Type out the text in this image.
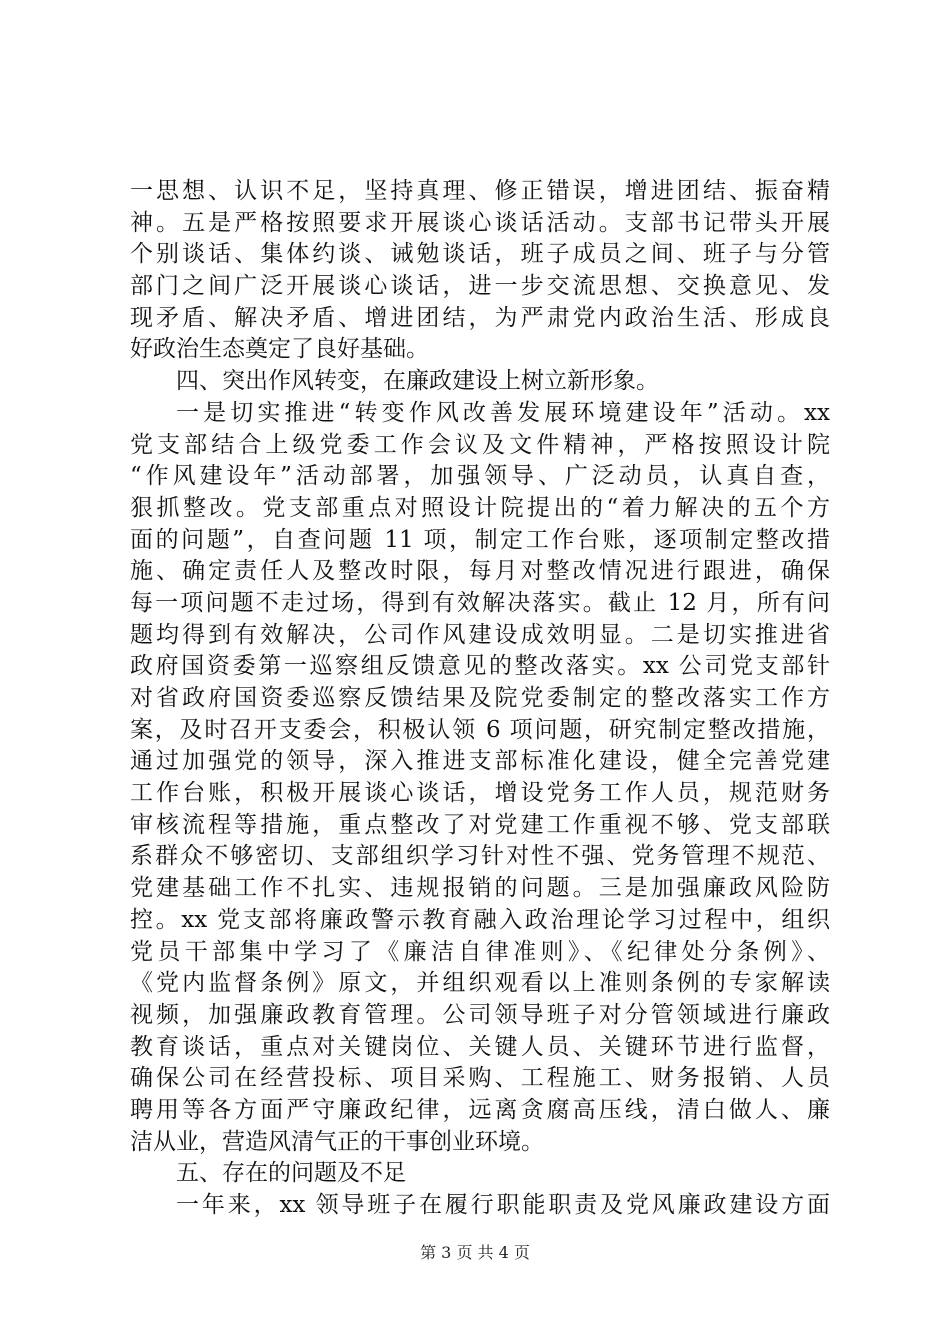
一思想、认识不足，坚持真理、修正错误，增进团结、振奋精
神。五是严格按照要求开展谈心谈话活动。支部书记带头开展
个别谈话、集体约谈、诫勉谈话，班子成员之间、班子与分管
部门之间广泛开展谈心谈话，进一步交流思想、交换意见、发
现矛盾、解决矛盾、增进团结，为严肃党内政治生活、形成良
好政治生态奠定了良好基础。
四、突出作风转变，在廉政建设上树立新形象。
一是切实推进“转变作风改善发展环境建设年”活动。xx
党支部结合上级党委工作会议及文件精神，严格按照设计院
“作风建设年”活动部署，加强领导、广泛动员，认真自查，
狠抓整改。党支部重点对照设计院提出的“着力解决的五个方
面的问题”，自查问题 11 项，制定工作台账，逐项制定整改措
施、确定责任人及整改时限，每月对整改情况进行跟进，确保
每一项问题不走过场，得到有效解决落实。截止 12 月，所有问
题均得到有效解决，公司作风建设成效明显。二是切实推进省
政府国资委第一巡察组反馈意见的整改落实。xx 公司党支部针
对省政府国资委巡察反馈结果及院党委制定的整改落实工作方
案，及时召开支委会，积极认领 6 项问题，研究制定整改措施，
通过加强党的领导，深入推进支部标准化建设，健全完善党建
工作台账，积极开展谈心谈话，增设党务工作人员，规范财务
审核流程等措施，重点整改了对党建工作重视不够、党支部联
系群众不够密切、支部组织学习针对性不强、党务管理不规范、
党建基础工作不扎实、违规报销的问题。三是加强廉政风险防
控。xx 党支部将廉政警示教育融入政治理论学习过程中，组织
党员干部集中学习了《廉洁自律准则》、《纪律处分条例》、
《党内监督条例》原文，并组织观看以上准则条例的专家解读
视频，加强廉政教育管理。公司领导班子对分管领域进行廉政
教育谈话，重点对关键岗位、关键人员、关键环节进行监督，
确保公司在经营投标、项目采购、工程施工、财务报销、人员
聘用等各方面严守廉政纪律，远离贪腐高压线，清白做人、廉
洁从业，营造风清气正的干事创业环境。
五、存在的问题及不足
一年来，xx 领导班子在履行职能职责及党风廉政建设方面
第 3 页 共 4 页
